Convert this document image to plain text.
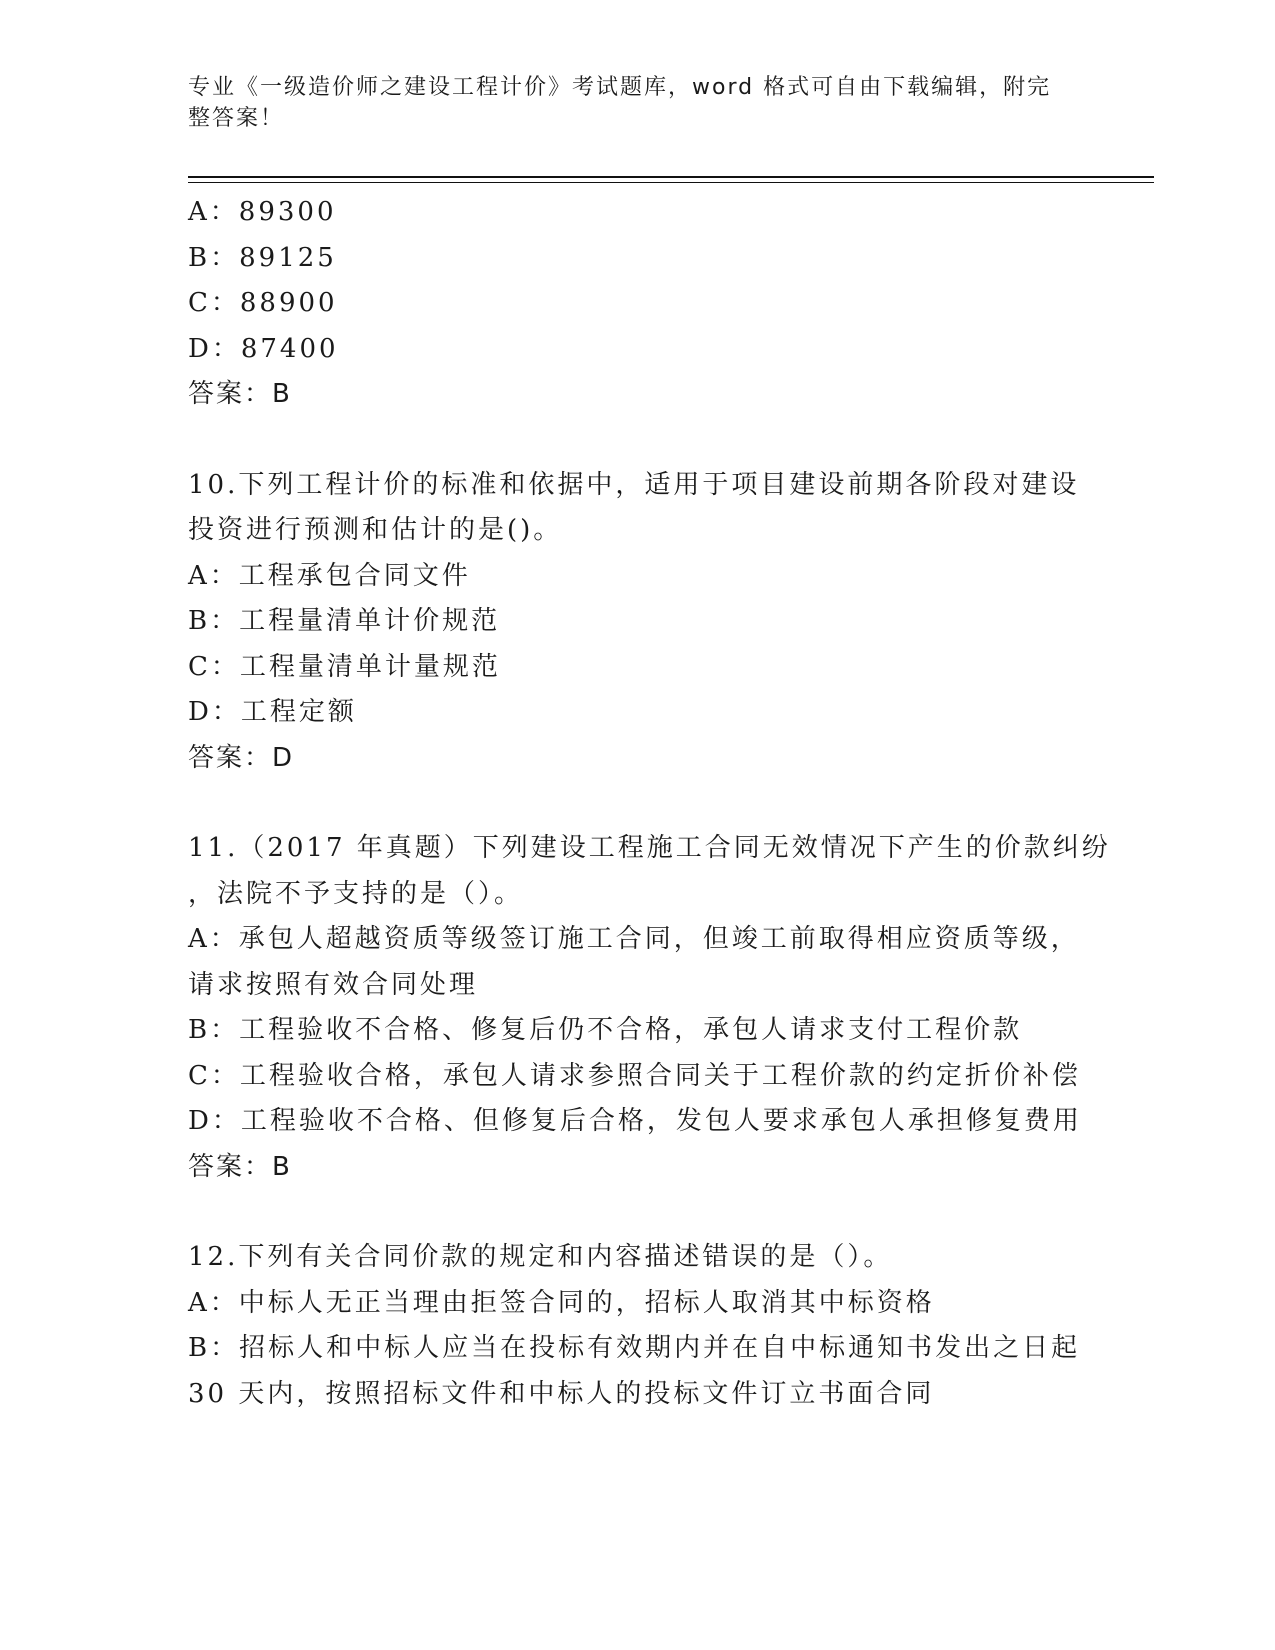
专业《一级造价师之建设工程计价》考试题库，word 格式可自由下载编辑，附完
整答案！
A：89300
B：89125
C：88900
D：87400
答案：B
10.下列工程计价的标准和依据中，适用于项目建设前期各阶段对建设
投资进行预测和估计的是()。
A：工程承包合同文件
B：工程量清单计价规范
C：工程量清单计量规范
D：工程定额
答案：D
11.（2017 年真题）下列建设工程施工合同无效情况下产生的价款纠纷
，法院不予支持的是（）。
A：承包人超越资质等级签订施工合同，但竣工前取得相应资质等级，
请求按照有效合同处理
B：工程验收不合格、修复后仍不合格，承包人请求支付工程价款
C：工程验收合格，承包人请求参照合同关于工程价款的约定折价补偿
D：工程验收不合格、但修复后合格，发包人要求承包人承担修复费用
答案：B
12.下列有关合同价款的规定和内容描述错误的是（）。
A：中标人无正当理由拒签合同的，招标人取消其中标资格
B：招标人和中标人应当在投标有效期内并在自中标通知书发出之日起
30 天内，按照招标文件和中标人的投标文件订立书面合同
